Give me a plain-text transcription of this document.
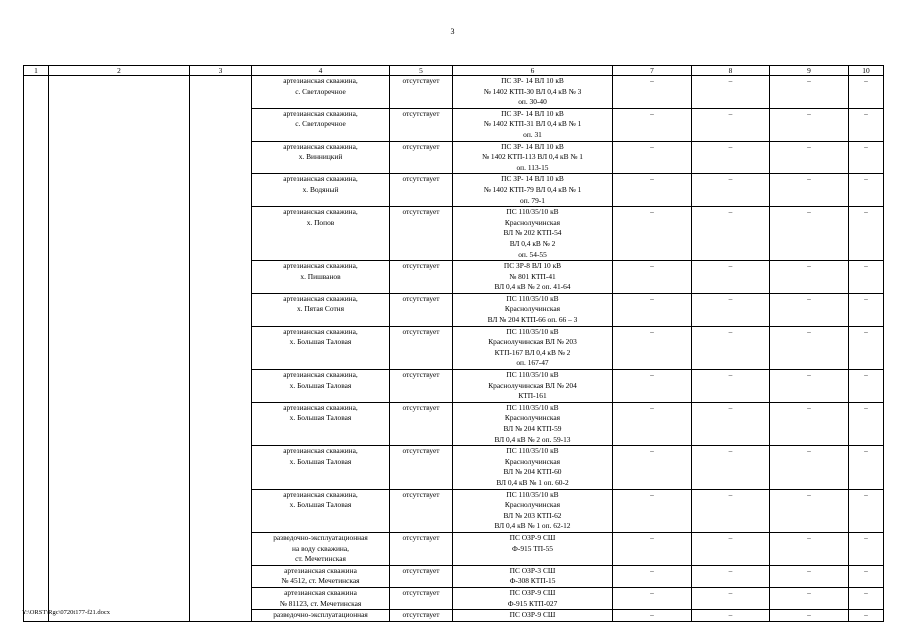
3
1	2	3	4	5	6	7	8	9	10
			артезианская скважина,
с. Светлоречное	отсутствует	ПС ЗР- 14 ВЛ 10 кВ
№ 1402 КТП-30 ВЛ 0,4 кВ № 3
оп. 30-40	–	–	–	–
			артезианская скважина,
с. Светлоречное	отсутствует	ПС ЗР- 14 ВЛ 10 кВ
№ 1402 КТП-31 ВЛ 0,4 кВ № 1
оп. 31	–	–	–	–
			артезианская скважина,
х. Винницкий	отсутствует	ПС ЗР- 14 ВЛ 10 кВ
№ 1402 КТП-113 ВЛ 0,4 кВ № 1
оп. 113-15	–	–	–	–
			артезианская скважина,
х. Водяный	отсутствует	ПС ЗР- 14 ВЛ 10 кВ
№ 1402 КТП-79 ВЛ 0,4 кВ № 1
оп. 79-1	–	–	–	–
			артезианская скважина,
х. Попов	отсутствует	ПС 110/35/10 кВ
Краснолучинская
ВЛ № 202 КТП-54
ВЛ 0,4 кВ № 2
оп. 54-55	–	–	–	–
			артезианская скважина,
х. Пишванов	отсутствует	ПС ЗР-8 ВЛ 10 кВ
№ 801 КТП-41
ВЛ 0,4 кВ № 2 оп. 41-64	–	–	–	–
			артезианская скважина,
х. Пятая Сотня	отсутствует	ПС 110/35/10 кВ
Краснолучинская
ВЛ № 204 КТП-66 оп. 66 – 3	–	–	–	–
			артезианская скважина,
х. Большая Таловая	отсутствует	ПС 110/35/10 кВ
Краснолучинская ВЛ № 203
КТП-167 ВЛ 0,4 кВ № 2
оп. 167-47	–	–	–	–
			артезианская скважина,
х. Большая Таловая	отсутствует	ПС 110/35/10 кВ
Краснолучинская ВЛ № 204
КТП-161	–	–	–	–
			артезианская скважина,
х. Большая Таловая	отсутствует	ПС 110/35/10 кВ
Краснолучинская
ВЛ № 204 КТП-59
ВЛ 0,4 кВ № 2 оп. 59-13	–	–	–	–
			артезианская скважина,
х. Большая Таловая	отсутствует	ПС 110/35/10 кВ
Краснолучинская
ВЛ № 204 КТП-60
ВЛ 0,4 кВ № 1 оп. 60-2	–	–	–	–
			артезианская скважина,
х. Большая Таловая	отсутствует	ПС 110/35/10 кВ
Краснолучинская
ВЛ № 203 КТП-62
ВЛ 0,4 кВ № 1 оп. 62-12	–	–	–	–
			разведочно-эксплуатационная
на воду скважина,
ст. Мечетинская	отсутствует	ПС ОЗР-9 СШ
Ф-915 ТП-55	–	–	–	–
			артезианская скважина
№ 4512, ст. Мечетинская	отсутствует	ПС ОЗР-3 СШ
Ф-308 КТП-15	–	–	–	–
			артезианская скважина
№ 81123, ст. Мечетинская	отсутствует	ПС ОЗР-9 СШ
Ф-915 КТП-027	–	–	–	–
			разведочно-эксплуатационная	отсутствует	ПС ОЗР-9 СШ	–	–	–	–
Y:\ORST\Rgc\0720t177-f21.docx
